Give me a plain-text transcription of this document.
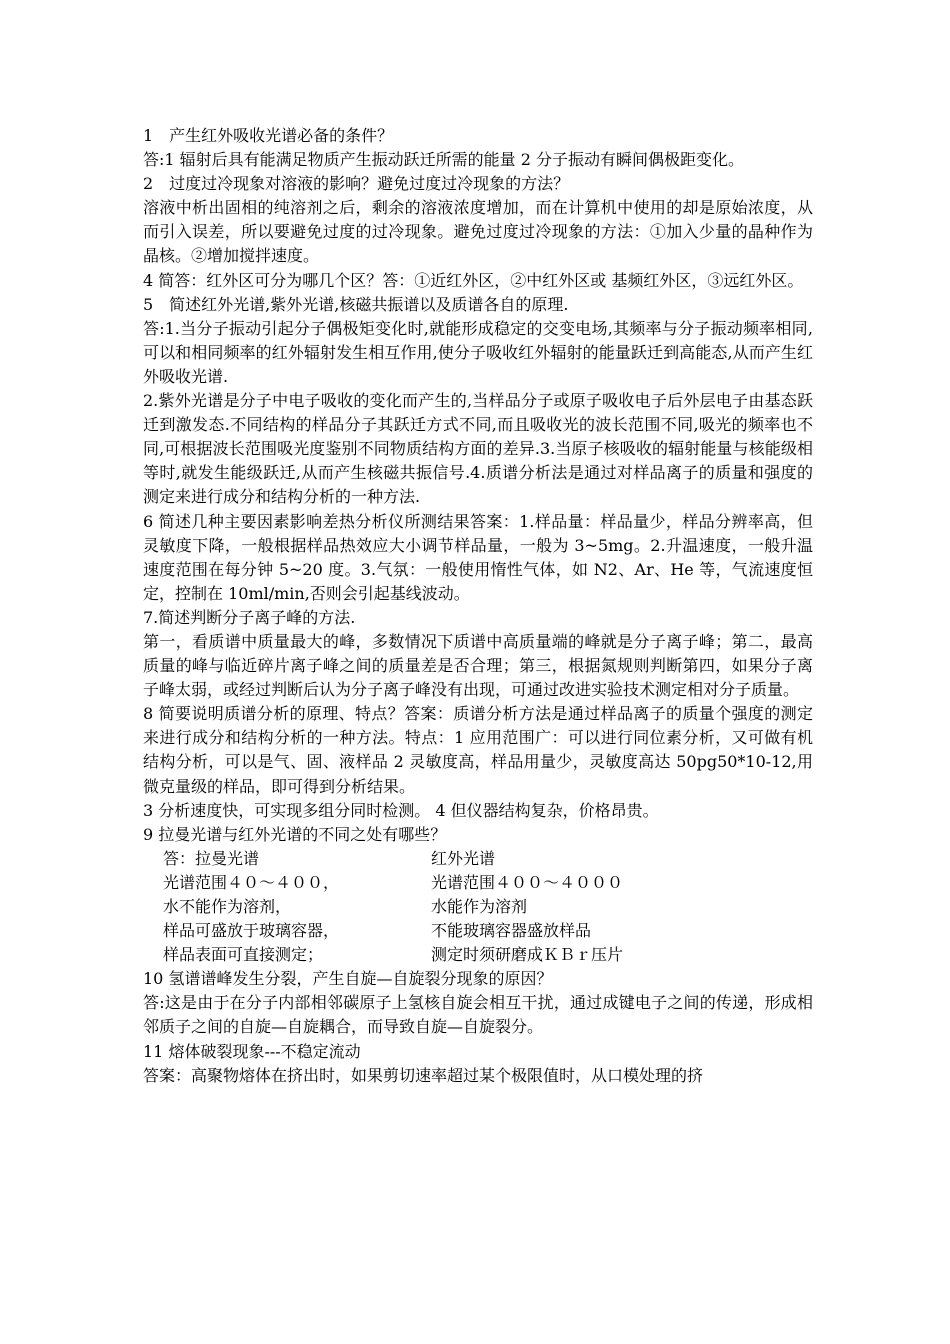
1　产生红外吸收光谱必备的条件？

答:1 辐射后具有能满足物质产生振动跃迁所需的能量 2 分子振动有瞬间偶极距变化。

2　过度过冷现象对溶液的影响？避免过度过冷现象的方法？

溶液中析出固相的纯溶剂之后，剩余的溶液浓度增加，而在计算机中使用的却是原始浓度，从而引入误差，所以要避免过度的过冷现象。避免过度过冷现象的方法：①加入少量的晶种作为晶核。②增加搅拌速度。

4 简答：红外区可分为哪几个区？答：①近红外区，②中红外区或 基频红外区，③远红外区。

5　简述红外光谱,紫外光谱,核磁共振谱以及质谱各自的原理.

答:1.当分子振动引起分子偶极矩变化时,就能形成稳定的交变电场,其频率与分子振动频率相同,可以和相同频率的红外辐射发生相互作用,使分子吸收红外辐射的能量跃迁到高能态,从而产生红外吸收光谱.

2.紫外光谱是分子中电子吸收的变化而产生的,当样品分子或原子吸收电子后外层电子由基态跃迁到激发态.不同结构的样品分子其跃迁方式不同,而且吸收光的波长范围不同,吸光的频率也不同,可根据波长范围吸光度鉴别不同物质结构方面的差异.3.当原子核吸收的辐射能量与核能级相等时,就发生能级跃迁,从而产生核磁共振信号.4.质谱分析法是通过对样品离子的质量和强度的测定来进行成分和结构分析的一种方法.

6 简述几种主要因素影响差热分析仪所测结果答案：1.样品量：样品量少，样品分辨率高，但灵敏度下降，一般根据样品热效应大小调节样品量，一般为 3~5mg。2.升温速度，一般升温速度范围在每分钟 5~20 度。3.气氛：一般使用惰性气体，如 N2、Ar、He 等，气流速度恒定，控制在 10ml/min,否则会引起基线波动。

7.简述判断分子离子峰的方法.

第一，看质谱中质量最大的峰，多数情况下质谱中高质量端的峰就是分子离子峰；第二，最高质量的峰与临近碎片离子峰之间的质量差是否合理；第三，根据氮规则判断第四，如果分子离子峰太弱，或经过判断后认为分子离子峰没有出现，可通过改进实验技术测定相对分子质量。

8 简要说明质谱分析的原理、特点？答案：质谱分析方法是通过样品离子的质量个强度的测定来进行成分和结构分析的一种方法。特点：1 应用范围广：可以进行同位素分析，又可做有机结构分析，可以是气、固、液样品 2 灵敏度高，样品用量少，灵敏度高达 50pg50*10-12,用微克量级的样品，即可得到分析结果。

3 分析速度快，可实现多组分同时检测。 4 但仪器结构复杂，价格昂贵。

9 拉曼光谱与红外光谱的不同之处有哪些？

答：拉曼光谱	红外光谱
光谱范围４０～４００，	光谱范围４００～４０００
水不能作为溶剂，	水能作为溶剂
样品可盛放于玻璃容器，	不能玻璃容器盛放样品
样品表面可直接测定；	测定时须研磨成ＫＢｒ压片

10 氢谱谱峰发生分裂，产生自旋—自旋裂分现象的原因？

答:这是由于在分子内部相邻碳原子上氢核自旋会相互干扰，通过成键电子之间的传递，形成相邻质子之间的自旋—自旋耦合，而导致自旋—自旋裂分。

11 熔体破裂现象---不稳定流动

答案：高聚物熔体在挤出时，如果剪切速率超过某个极限值时，从口模处理的挤
